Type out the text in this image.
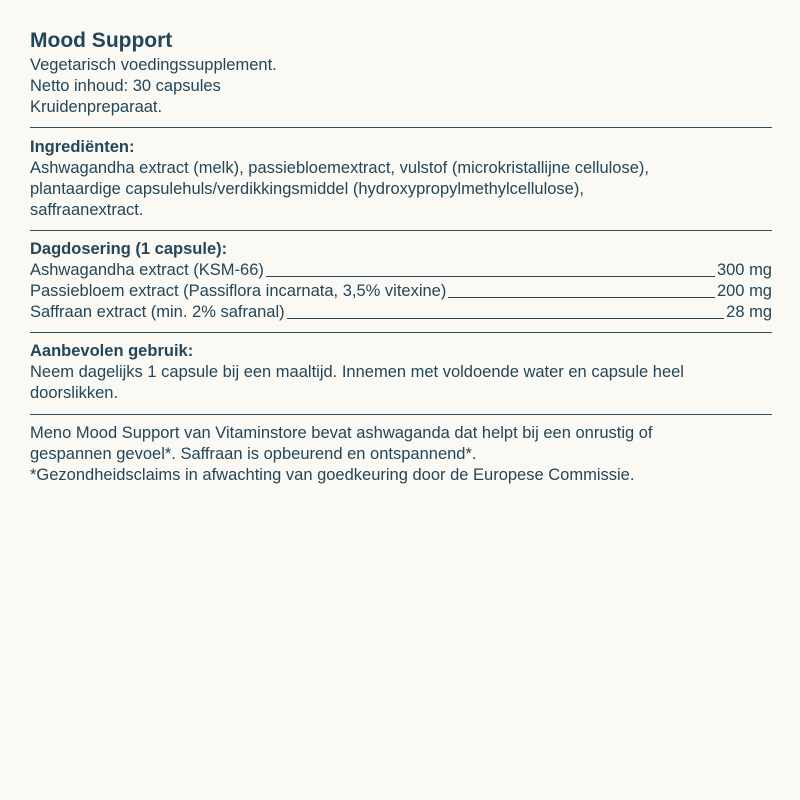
Mood Support

Vegetarisch voedingssupplement.

Netto inhoud: 30 capsules

Kruidenpreparaat.

Ingrediënten:

Ashwagandha extract (melk), passiebloemextract, vulstof (microkristallijne cellulose),

plantaardige capsulehuls/verdikkingsmiddel (hydroxypropylmethylcellulose),

saffraanextract.

Dagdosering (1 capsule):
Ashwagandha extract (KSM-66)	300 mg
Passiebloem extract (Passiflora incarnata, 3,5% vitexine)	200 mg
Saffraan extract (min. 2% safranal)	28 mg
Aanbevolen gebruik:

Neem dagelijks 1 capsule bij een maaltijd. Innemen met voldoende water en capsule heel

doorslikken.

Meno Mood Support van Vitaminstore bevat ashwaganda dat helpt bij een onrustig of

gespannen gevoel*. Saffraan is opbeurend en ontspannend*.

*Gezondheidsclaims in afwachting van goedkeuring door de Europese Commissie.
